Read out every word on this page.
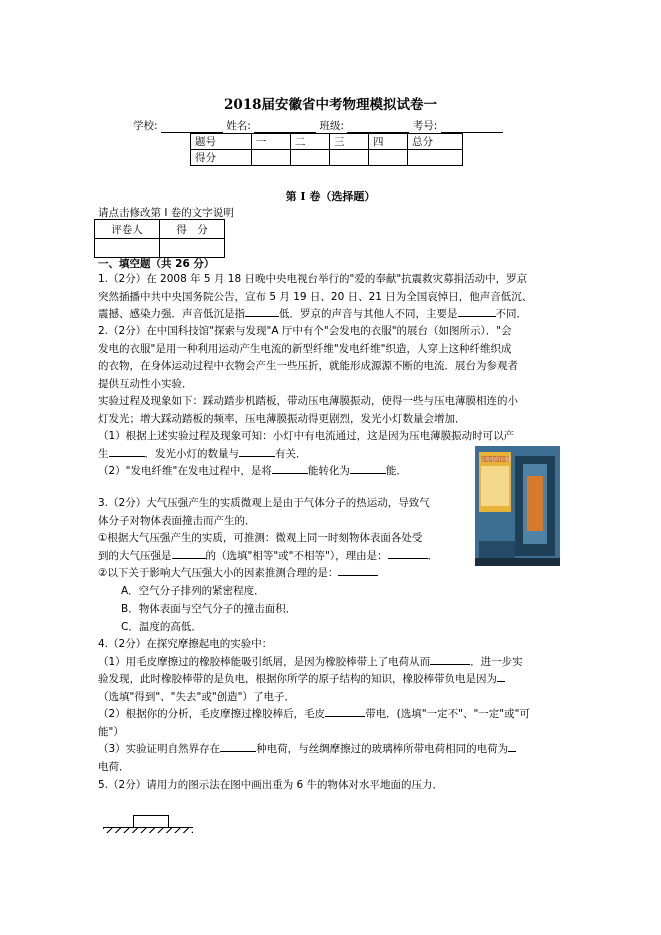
2018届安徽省中考物理模拟试卷一
学校:	姓名:	班级:	考号:
题号	一	二	三	四	总分
得分					
第 I 卷（选择题）
请点击修改第 I 卷的文字说明
评卷人	得　分

一、填空题（共 26 分）
1.（2分）在 2008 年 5 月 18 日晚中央电视台举行的"爱的奉献"抗震救灾募捐活动中，罗京
突然插播中共中央国务院公告，宣布 5 月 19 日、20 日、21 日为全国哀悼日，他声音低沉、
震撼、感染力强．声音低沉是指	低．罗京的声音与其他人不同，主要是	不同．
2.（2分）在中国科技馆"探索与发现"A 厅中有个"会发电的衣服"的展台（如图所示）．"会
发电的衣服"是用一种利用运动产生电流的新型纤维"发电纤维"织造，人穿上这种纤维织成
的衣物，在身体运动过程中衣物会产生一些压折，就能形成源源不断的电流．展台为参观者
提供互动性小实验．
实验过程及现象如下：踩动踏步机踏板，带动压电薄膜振动，使得一些与压电薄膜相连的小
灯发光；增大踩动踏板的频率，压电薄膜振动得更剧烈，发光小灯数量会增加．
（1）根据上述实验过程及现象可知：小灯中有电流通过，这是因为压电薄膜振动时可以产
生	．发光小灯的数量与	有关．
（2）"发电纤维"在发电过程中，是将	能转化为	能．
会发电的衣服
3.（2分）大气压强产生的实质微观上是由于气体分子的热运动，导致气
体分子对物体表面撞击而产生的．
①根据大气压强产生的实质，可推测：微观上同一时刻物体表面各处受
到的大气压强是	的（选填"相等"或"不相等"），理由是：	．
②以下关于影响大气压强大小的因素推测合理的是：
A．空气分子排列的紧密程度．
B．物体表面与空气分子的撞击面积．
C．温度的高低．
4.（2分）在探究摩擦起电的实验中：
（1）用毛皮摩擦过的橡胶棒能吸引纸屑，是因为橡胶棒带上了电荷从而	．进一步实
验发现，此时橡胶棒带的是负电，根据你所学的原子结构的知识，橡胶棒带负电是因为
（选填"得到"、"失去"或"创造"）了电子．
（2）根据你的分析，毛皮摩擦过橡胶棒后，毛皮	带电．(选填"一定不"、"一定"或"可
能"）
（3）实验证明自然界存在	种电荷，与丝绸摩擦过的玻璃棒所带电荷相同的电荷为
电荷．
5.（2分）请用力的图示法在图中画出重为 6 牛的物体对水平地面的压力．
